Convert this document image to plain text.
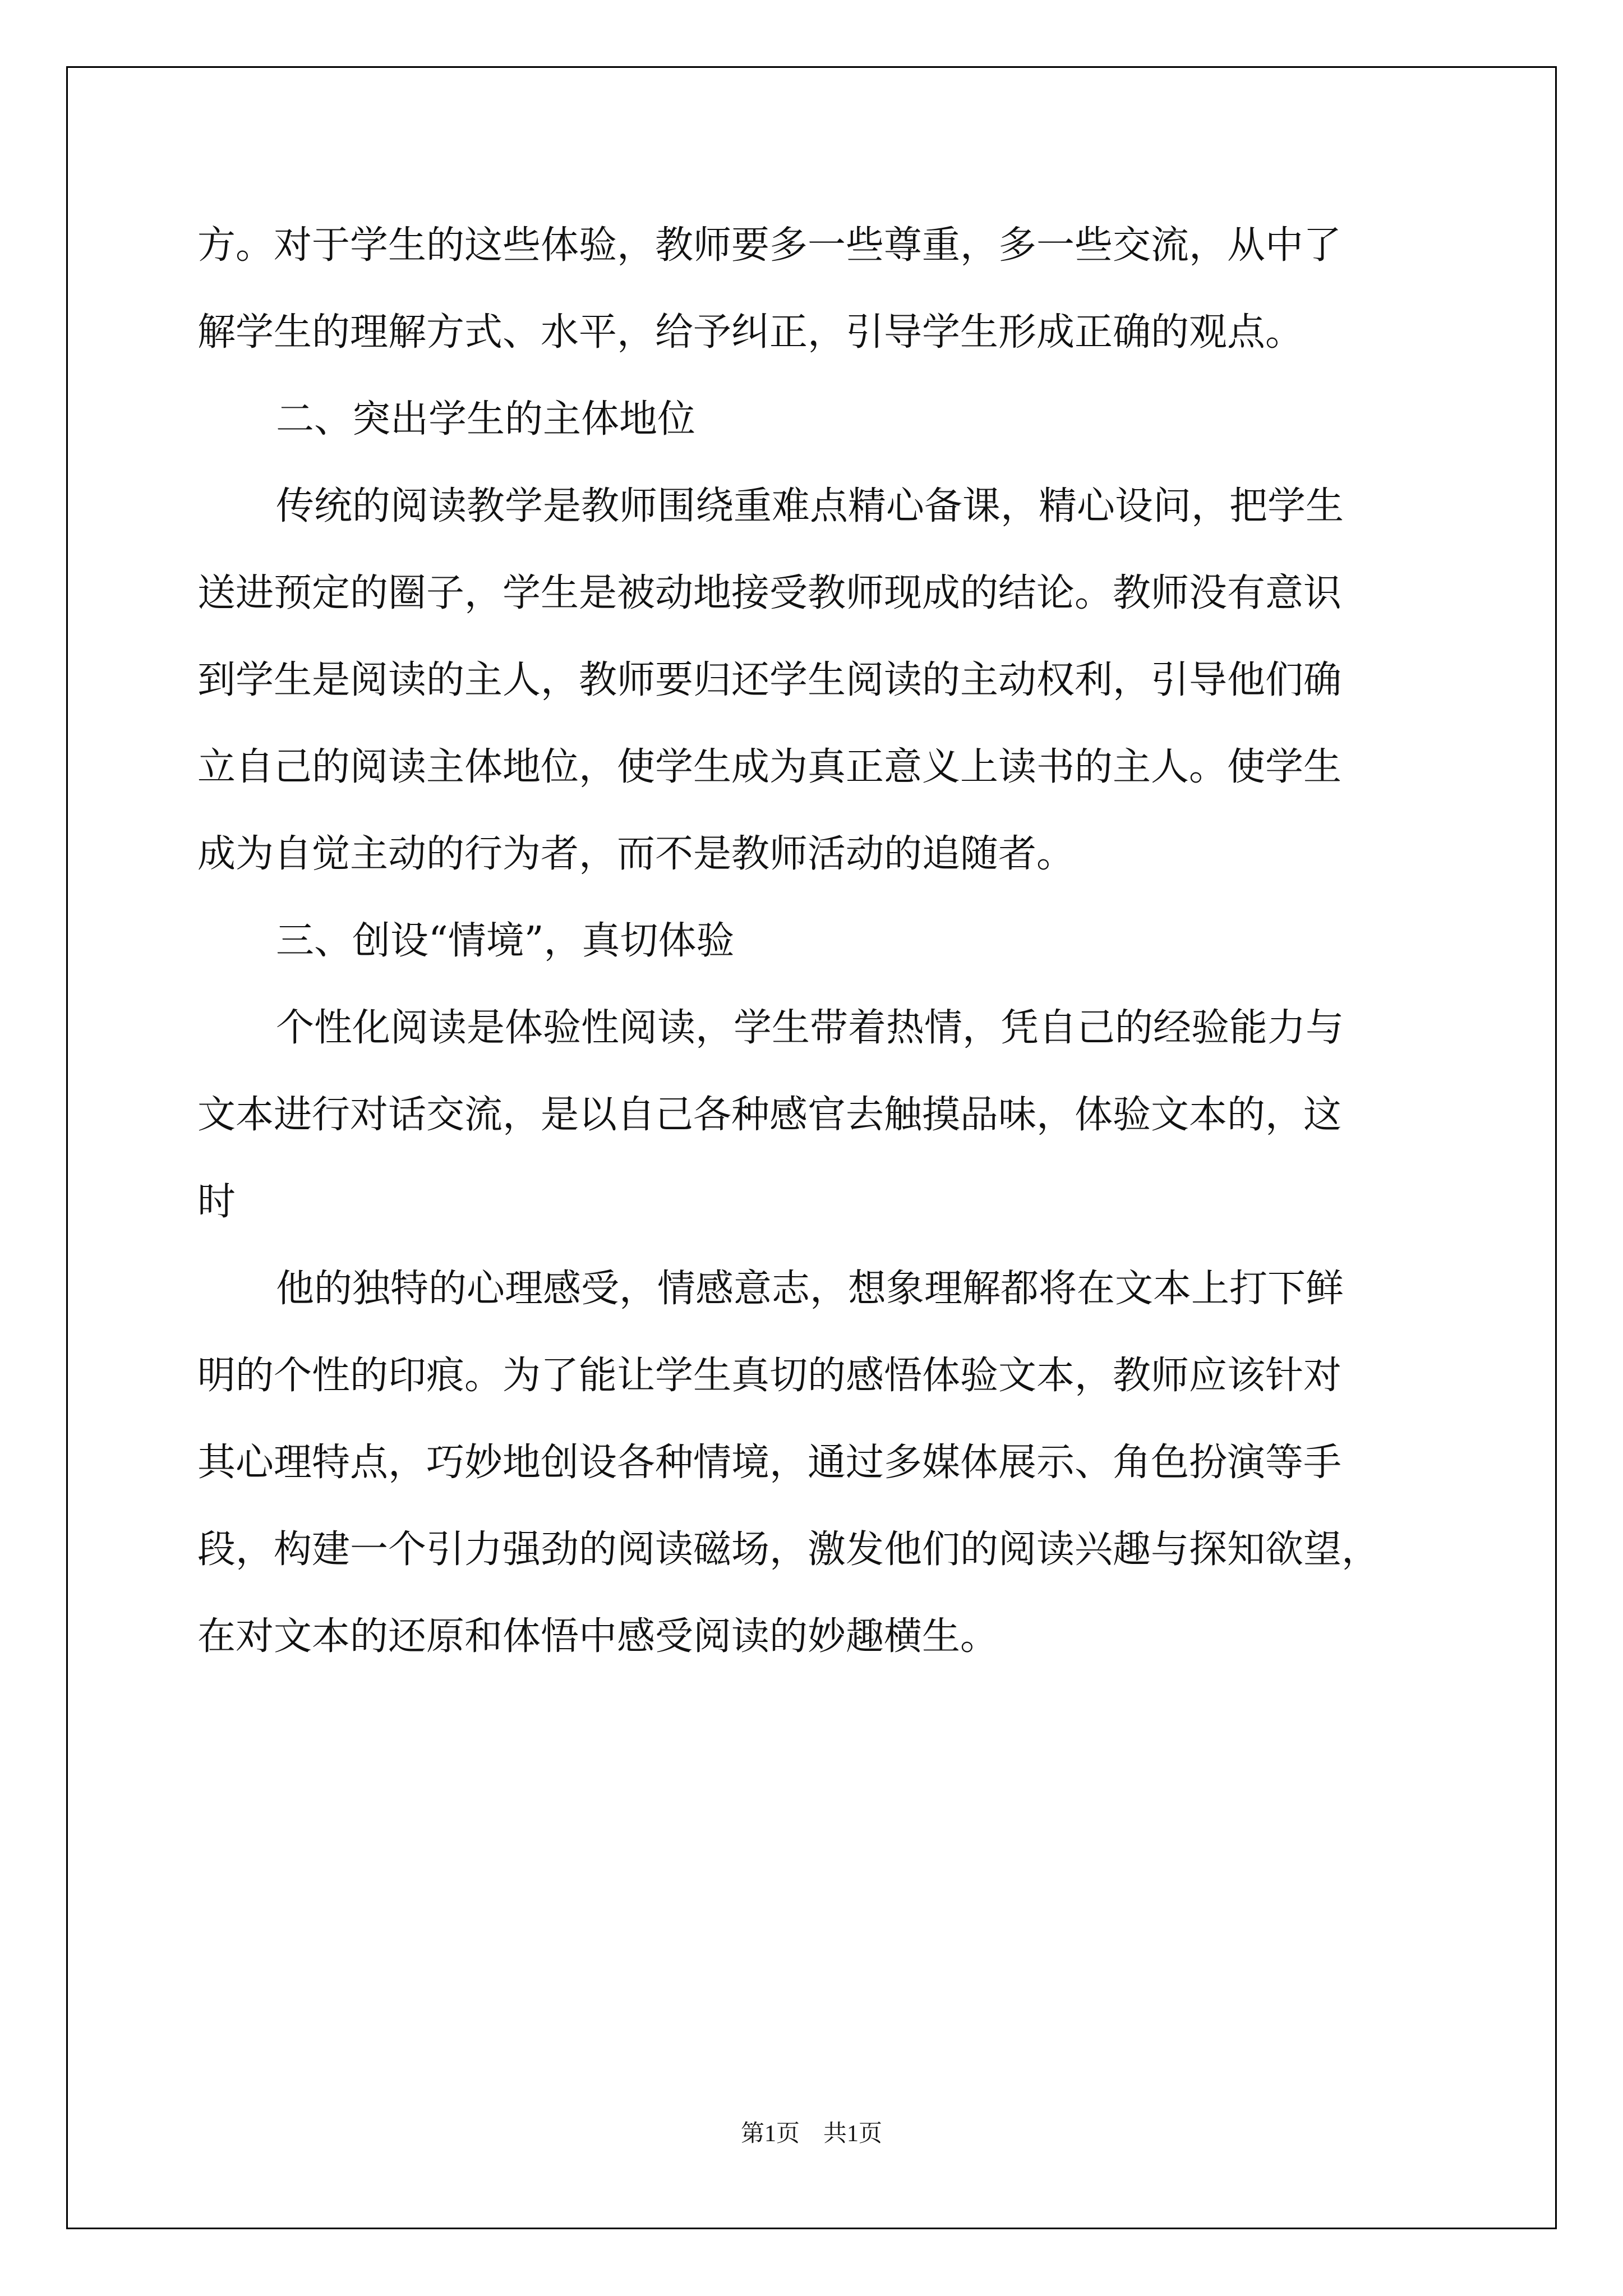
方。对于学生的这些体验，教师要多一些尊重，多一些交流，从中了
解学生的理解方式、水平，给予纠正，引导学生形成正确的观点。
二、突出学生的主体地位
传统的阅读教学是教师围绕重难点精心备课，精心设问，把学生
送进预定的圈子，学生是被动地接受教师现成的结论。教师没有意识
到学生是阅读的主人，教师要归还学生阅读的主动权利，引导他们确
立自己的阅读主体地位，使学生成为真正意义上读书的主人。使学生
成为自觉主动的行为者，而不是教师活动的追随者。
三、创设“情境”，真切体验
个性化阅读是体验性阅读，学生带着热情，凭自己的经验能力与
文本进行对话交流，是以自己各种感官去触摸品味，体验文本的，这
时
他的独特的心理感受，情感意志，想象理解都将在文本上打下鲜
明的个性的印痕。为了能让学生真切的感悟体验文本，教师应该针对
其心理特点，巧妙地创设各种情境，通过多媒体展示、角色扮演等手
段，构建一个引力强劲的阅读磁场，激发他们的阅读兴趣与探知欲望，
在对文本的还原和体悟中感受阅读的妙趣横生。
第1页　共1页
